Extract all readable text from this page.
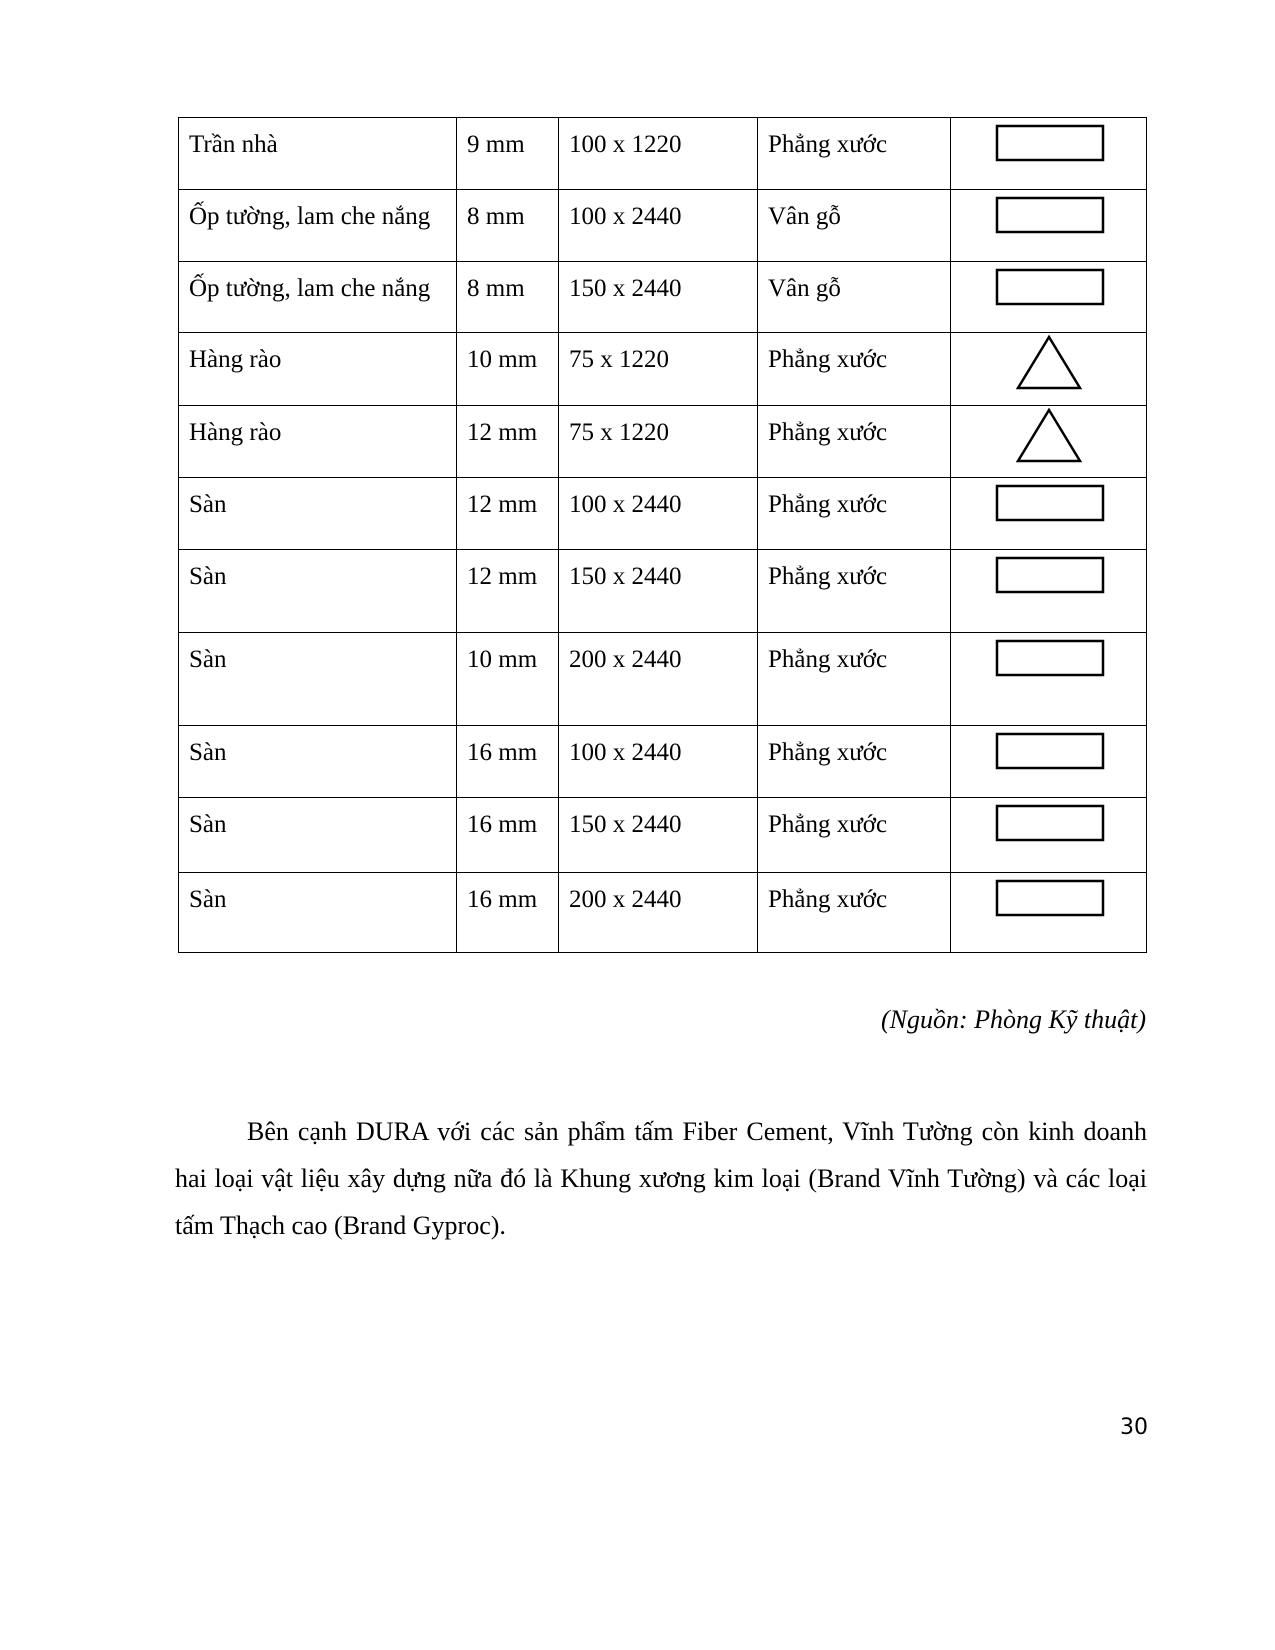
Trần nhà	9 mm	100 x 1220	Phẳng xước

Ốp tường, lam che nắng	8 mm	100 x 2440	Vân gỗ

Ốp tường, lam che nắng	8 mm	150 x 2440	Vân gỗ

Hàng rào	10 mm	75 x 1220	Phẳng xước

Hàng rào	12 mm	75 x 1220	Phẳng xước

Sàn	12 mm	100 x 2440	Phẳng xước

Sàn	12 mm	150 x 2440	Phẳng xước

Sàn	10 mm	200 x 2440	Phẳng xước

Sàn	16 mm	100 x 2440	Phẳng xước

Sàn	16 mm	150 x 2440	Phẳng xước

Sàn	16 mm	200 x 2440	Phẳng xước

(Nguồn: Phòng Kỹ thuật)

Bên cạnh DURA với các sản phẩm tấm Fiber Cement, Vĩnh Tường còn kinh doanh hai loại vật liệu xây dựng nữa đó là Khung xương kim loại (Brand Vĩnh Tường) và các loại tấm Thạch cao (Brand Gyproc).

30
